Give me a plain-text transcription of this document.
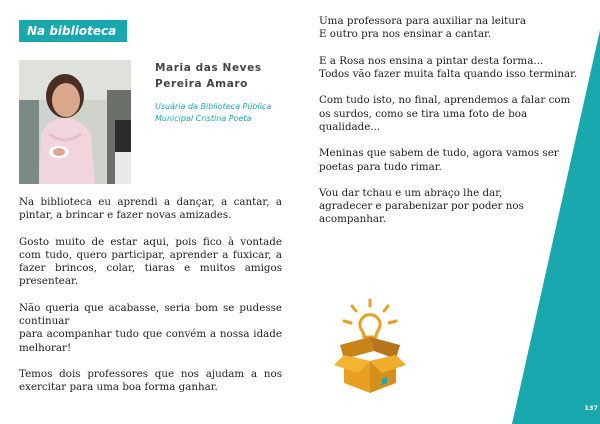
Na biblioteca
Maria das Neves
Pereira Amaro
Usuária da Biblioteca Pública
Municipal Cristina Poeta

Na biblioteca eu aprendi a dançar, a cantar, a pintar, a brincar e fazer novas amizades.

Gosto muito de estar aqui, pois fico à vontade com tudo, quero participar, aprender a fuxicar, a fazer brincos, colar, tiaras e muitos amigos presentear.

Não queria que acabasse, seria bom se pudesse continuar
para acompanhar tudo que convém a nossa idade melhorar!

Temos dois professores que nos ajudam a nos exercitar para uma boa forma ganhar.

Uma professora para auxiliar na leitura
E outro pra nos ensinar a cantar.

E a Rosa nos ensina a pintar desta forma...
Todos vão fazer muita falta quando isso terminar.

Com tudo isto, no final, aprendemos a falar com os surdos, como se tira uma foto de boa qualidade...

Meninas que sabem de tudo, agora vamos ser poetas para tudo rimar.

Vou dar tchau e um abraço lhe dar,
agradecer e parabenizar por poder nos acompanhar.

137
